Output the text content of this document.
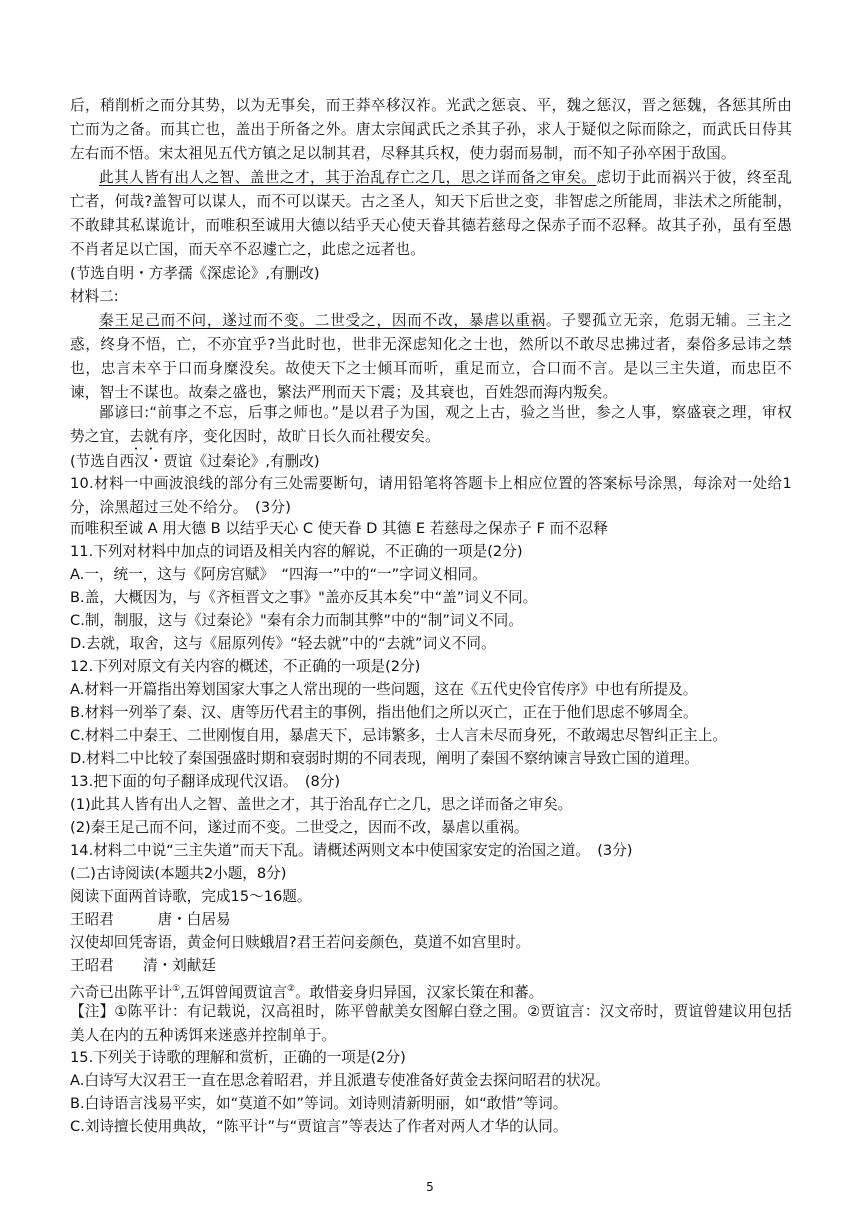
后，稍削析之而分其势，以为无事矣，而王莽卒移汉祚。光武之惩哀、平，魏之惩汉，晋之惩魏，各惩其所由亡而为之备。而其亡也，盖出于所备之外。唐太宗闻武氏之杀其子孙，求人于疑似之际而除之，而武氏日侍其左右而不悟。宋太祖见五代方镇之足以制其君，尽释其兵权，使力弱而易制，而不知子孙卒困于敌国。
此其人皆有出人之智、盖世之才，其于治乱存亡之几，思之详而备之审矣。虑切于此而祸兴于彼，终至乱亡者，何哉?盖智可以谋人，而不可以谋天。古之圣人，知天下后世之变，非智虑之所能周，非法术之所能制，不敢肆其私谋诡计，而唯积至诚用大德以结乎天心使天眷其德若慈母之保赤子而不忍释。故其子孙，虽有至愚不肖者足以亡国，而天卒不忍遽亡之，此虑之远者也。
(节选自明・方孝孺《深虑论》,有删改)
材料二:
秦王足己而不问，遂过而不变。二世受之，因而不改，暴虐以重祸。子婴孤立无亲，危弱无辅。三主之惑，终身不悟，亡，不亦宜乎?当此时也，世非无深虑知化之士也，然所以不敢尽忠拂过者，秦俗多忌讳之禁也，忠言未卒于口而身糜没矣。故使天下之士倾耳而听，重足而立，合口而不言。是以三主失道，而忠臣不谏，智士不谋也。故秦之盛也，繁法严刑而天下震；及其衰也，百姓怨而海内叛矣。
鄙谚曰:“前事之不忘，后事之师也。”是以君子为国，观之上古，验之当世，参之人事，察盛衰之理，审权势之宜，去就有序，变化因时，故旷日长久而社稷安矣。
(节选自西汉・贾谊《过秦论》,有删改)
10.材料一中画波浪线的部分有三处需要断句，请用铅笔将答题卡上相应位置的答案标号涂黑，每涂对一处给1分，涂黑超过三处不给分。　(3分)
而唯积至诚 A 用大德 B 以结乎天心 C 使天眷 D 其德 E 若慈母之保赤子 F 而不忍释
11.下列对材料中加点的词语及相关内容的解说，不正确的一项是(2分)
A.一，统一，这与《阿房宫赋》　“四海一”中的“一”字词义相同。
B.盖，大概因为，与《齐桓晋文之事》"盖亦反其本矣”中“盖”词义不同。
C.制，制服，这与《过秦论》"秦有余力而制其弊”中的“制”词义不同。
D.去就，取舍，这与《屈原列传》“轻去就”中的“去就”词义不同。
12.下列对原文有关内容的概述，不正确的一项是(2分)
A.材料一开篇指出筹划国家大事之人常出现的一些问题，这在《五代史伶官传序》中也有所提及。
B.材料一列举了秦、汉、唐等历代君主的事例，指出他们之所以灭亡，正在于他们思虑不够周全。
C.材料二中秦王、二世刚愎自用，暴虐天下，忌讳繁多，士人言未尽而身死，不敢竭忠尽智纠正主上。
D.材料二中比较了秦国强盛时期和衰弱时期的不同表现，阐明了秦国不察纳谏言导致亡国的道理。
13.把下面的句子翻译成现代汉语。　(8分)
(1)此其人皆有出人之智、盖世之才，其于治乱存亡之几，思之详而备之审矣。
(2)秦王足己而不问，遂过而不变。二世受之，因而不改，暴虐以重祸。
14.材料二中说“三主失道”而天下乱。请概述两则文本中使国家安定的治国之道。　(3分)
(二)古诗阅读(本题共2小题，8分)
阅读下面两首诗歌，完成15～16题。
王昭君　　　唐・白居易
汉使却回凭寄语，黄金何日赎蛾眉?君王若问妾颜色，莫道不如宫里时。
王昭君　　清・刘献廷
六奇已出陈平计①,五饵曾闻贾谊言②。敢惜妾身归异国，汉家长策在和蕃。
【注】①陈平计：有记载说，汉高祖时，陈平曾献美女图解白登之围。②贾谊言：汉文帝时，贾谊曾建议用包括美人在内的五种诱饵来迷惑并控制单于。
15.下列关于诗歌的理解和赏析，正确的一项是(2分)
A.白诗写大汉君王一直在思念着昭君，并且派遣专使准备好黄金去探问昭君的状况。
B.白诗语言浅易平实，如“莫道不如”等词。刘诗则清新明丽，如“敢惜”等词。
C.刘诗擅长使用典故，“陈平计”与“贾谊言”等表达了作者对两人才华的认同。
5
